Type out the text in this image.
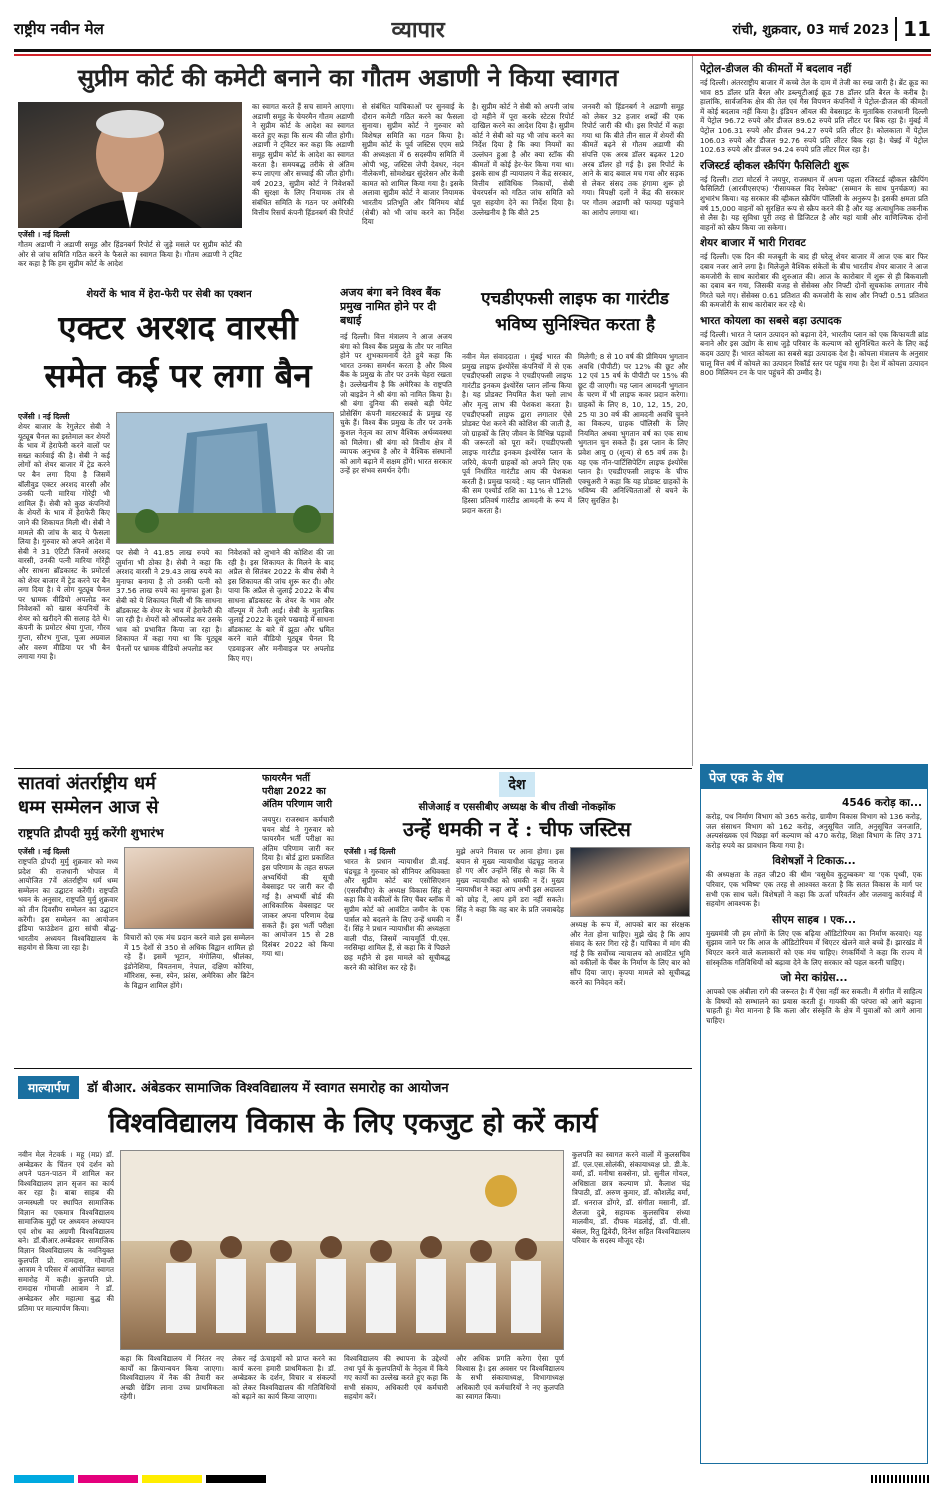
राष्ट्रीय नवीन मेल	व्यापार	रांची, शुक्रवार, 03 मार्च 2023 11
सुप्रीम कोर्ट की कमेटी बनाने का गौतम अडाणी ने किया स्वागत
एजेंसी । नई दिल्ली

गौतम अडाणी ने अडाणी समूह और हिंडनबर्ग रिपोर्ट से जुड़े मसले पर सुप्रीम कोर्ट की ओर से जांच समिति गठित करने के फैसले का स्वागत किया है। गौतम अडाणी ने ट्विट कर कहा है कि हम सुप्रीम कोर्ट के आदेश

का स्वागत करते हैं सच सामने आएगा। अडाणी समूह के चेयरमैन गौतम अडाणी ने सुप्रीम कोर्ट के आदेश का स्वागत करते हुए कहा कि सत्य की जीत होगी। अडाणी ने ट्विटर कर कहा कि अडाणी समूह सुप्रीम कोर्ट के आदेश का स्वागत करता है। समयबद्ध तरीके से अंतिम रूप लाएगा और सच्चाई की जीत होगी। वर्ष 2023, सुप्रीम कोर्ट ने निवेशकों की सुरक्षा के लिए नियामक तंत्र से संबंधित समिति के गठन पर अमेरिकी वित्तीय रिसर्च कंपनी हिंडनबर्ग की रिपोर्ट

से संबंधित याचिकाओं पर सुनवाई के दौरान कमेटी गठित करने का फैसला सुनाया। सुप्रीम कोर्ट ने गुरुवार को विशेषज्ञ समिति का गठन किया है। सुप्रीम कोर्ट के पूर्व जस्टिस एएम सप्रे की अध्यक्षता में 6 सदस्यीय समिति में ओपी भट्ट, जस्टिस जेपी देवधर, नंदन नीलेकणी, सोमशेखर सुंदरेसन और केवी कामत को शामिल किया गया है। इसके अलावा सुप्रीम कोर्ट ने बाजार नियामक भारतीय प्रतिभूति और विनिमय बोर्ड (सेबी) को भी जांच करने का निर्देश दिया

है। सुप्रीम कोर्ट ने सेबी को अपनी जांच दो महीने में पूरा करके स्टेटस रिपोर्ट दाखिल करने का आदेश दिया है। सुप्रीम कोर्ट ने सेबी को यह भी जांच करने का निर्देश दिया है कि क्या नियमों का उल्लंघन हुआ है और क्या स्टॉक की कीमतों में कोई हेर-फेर किया गया था। इसके साथ ही न्यायालय ने केंद्र सरकार, वित्तीय सांविधिक निकायों, सेबी चेयरपर्सन को गठित जांच समिति को पूरा सहयोग देने का निर्देश दिया है। उल्लेखनीय है कि बीते 25

जनवरी को हिंडनबर्ग ने अडाणी समूह को लेकर 32 हजार शब्दों की एक रिपोर्ट जारी की थी। इस रिपोर्ट में कहा गया था कि बीते तीन साल में शेयरों की कीमतें बढ़ने से गौतम अडाणी की संपत्ति एक अरब डॉलर बढ़कर 120 अरब डॉलर हो गई है। इस रिपोर्ट के आने के बाद बवाल मच गया और सड़क से लेकर संसद तक हंगामा शुरू हो गया। विपक्षी दलों ने केंद्र की सरकार पर गौतम अडाणी को फायदा पहुंचाने का आरोप लगाया था।

शेयरों के भाव में हेरा-फेरी पर सेबी का एक्शन
एक्टर अरशद वारसी
समेत कई पर लगा बैन
एजेंसी । नई दिल्ली

शेयर बाजार के रेगुलेटर सेबी ने यूट्यूब चैनल का इस्तेमाल कर शेयरों के भाव में हेराफेरी करने वालों पर सख्त कार्रवाई की है। सेबी ने कई लोगों को शेयर बाजार में ट्रेड करने पर बैन लगा दिया है जिसमें बॉलीवुड एक्टर अरशद वारसी और उनकी पत्नी मारिया गोरेट्टी भी शामिल हैं। सेबी को कुछ कंपनियों के शेयरों के भाव में हेराफेरी किए जाने की शिकायत मिली थी। सेबी ने मामले की जांच के बाद ये फैसला लिया है। गुरुवार को अपने आदेश में सेबी ने 31 एंटिटी जिनमें अरशद वारसी, उनकी पत्नी मारिया गोरेट्टी और साधना ब्रॉडकास्ट के प्रमोटर्स को शेयर बाजार में ट्रेड करने पर बैन लगा दिया है। ये लोग यूट्यूब चैनल पर भ्रामक वीडियो अपलोड कर निवेशकों को खास कंपनियों के शेयर को खरीदने की सलाह देते थे। कंपनी के प्रमोटर श्रेया गुप्ता, गौरव गुप्ता, सौरभ गुप्ता, पूजा अग्रवाल और वरुण मीडिया पर भी बैन लगाया गया है।

पर सेबी ने 41.85 लाख रुपये का जुर्माना भी ठोका है। सेबी ने कहा कि अरशद वारसी ने 29.43 लाख रुपये का मुनाफा बनाया है तो उनकी पत्नी को 37.56 लाख रुपये का मुनाफा हुआ है। सेबी को ये शिकायत मिली थी कि साधना ब्रॉडकास्ट के शेयर के भाव में हेराफेरी की जा रही है। शेयरों को ऑफलोड कर उसके भाव को प्रभावित किया जा रहा है। शिकायत में कहा गया था कि यूट्यूब चैनलों पर भ्रामक वीडियो अपलोड कर

निवेशकों को लुभाने की कोशिश की जा रही है। इस शिकायत के मिलने के बाद अप्रैल से सितंबर 2022 के बीच सेबी ने इस शिकायत की जांच शुरू कर दी। और पाया कि अप्रैल से जुलाई 2022 के बीच साधना ब्रॉडकास्ट के शेयर के भाव और वॉल्यूम में तेजी आई। सेबी के मुताबिक जुलाई 2022 के दूसरे पखवाड़े में साधना ब्रॉडकास्ट के बारे में झूठा और भ्रमित करने वाले वीडियो यूट्यूब चैनल दि एडवाइजर और मनीवाइज पर अपलोड किए गए।

अजय बंगा बने विश्व बैंक प्रमुख नामित होने पर दी बधाई

नई दिल्ली। वित्त मंत्रालय ने आज अजय बंगा को विश्व बैंक प्रमुख के तौर पर नामित होने पर शुभकामनायें देते हुये कहा कि भारत उनका समर्थन करता है और विश्व बैंक के प्रमुख के तौर पर उनके चेहरा रखता है। उल्लेखनीय है कि अमेरिका के राष्ट्रपति जो बाइडेन ने श्री बंगा को नामित किया है। श्री बंगा दुनिया की सबसे बड़ी पेमेंट प्रोसेसिंग कंपनी मास्टरकार्ड के प्रमुख रह चुके हैं। विश्व बैंक प्रमुख के तौर पर उनके कुशल नेतृत्व का लाभ वैश्विक अर्थव्यवस्था को मिलेगा। श्री बंगा को वित्तीय क्षेत्र में व्यापक अनुभव है और वे वैश्विक संस्थानों को आगे बढ़ाने में सक्षम होंगे। भारत सरकार उन्हें हर संभव समर्थन देगी।

एचडीएफसी लाइफ का गारंटीड
भविष्य सुनिश्चित करता है

नवीन मेल संवाददाता । मुंबई भारत की प्रमुख लाइफ इंश्योरेंस कंपनियों में से एक एचडीएफसी लाइफ ने एचडीएफसी लाइफ गारंटीड इनकम इंश्योरेंस प्लान लॉन्च किया है। यह प्रोडक्ट नियमित कैश फ्लो लाभ और मृत्यु लाभ की पेशकश करता है। एचडीएफसी लाइफ द्वारा लगातार ऐसे प्रोडक्ट पेश करने की कोशिश की जाती है, जो ग्राहकों के लिए जीवन के विभिन्न पड़ावों की जरूरतों को पूरा करें। एचडीएफसी लाइफ गारंटीड इनकम इंश्योरेंस प्लान के जरिये, कंपनी ग्राहकों को अपने लिए एक पूर्व निर्धारित गारंटीड आय की पेशकश करती है। प्रमुख फायदे : यह प्लान पॉलिसी की सम एश्योर्ड राशि का 11% से 12% हिस्सा प्रतिवर्ष गारंटीड आमदनी के रूप में प्रदान करता है।

मिलेगी; 8 से 10 वर्ष की प्रीमियम भुगतान अवधि (पीपीटी) पर 12% की छूट और 12 एवं 15 वर्ष के पीपीटी पर 15% की छूट दी जाएगी। यह प्लान आमदनी भुगतान के चरण में भी लाइफ कवर प्रदान करेगा। ग्राहकों के लिए 8, 10, 12, 15, 20, 25 या 30 वर्ष की आमदनी अवधि चुनने का विकल्प, ग्राहक पॉलिसी के लिए नियमित अथवा भुगतान वर्ष का एक साथ भुगतान चुन सकते हैं। इस प्लान के लिए प्रवेश आयु 0 (शून्य) से 65 वर्ष तक है। यह एक नॉन-पार्टिसिपेटिंग लाइफ इंश्योरेंस प्लान है। एचडीएफसी लाइफ के चीफ एक्चुअरी ने कहा कि यह प्रोडक्ट ग्राहकों के भविष्य की अनिश्चितताओं से बचने के लिए सुरक्षित है।

पेट्रोल-डीजल की कीमतों में बदलाव नहीं

नई दिल्ली। अंतरराष्ट्रीय बाजार में कच्चे तेल के दाम में तेजी का रुख जारी है। ब्रेंट क्रूड का भाव 85 डॉलर प्रति बैरल और डब्ल्यूटीआई क्रूड 78 डॉलर प्रति बैरल के करीब है। हालांकि, सार्वजनिक क्षेत्र की तेल एवं गैस विपणन कंपनियों ने पेट्रोल-डीजल की कीमतों में कोई बदलाव नहीं किया है। इंडियन ऑयल की वेबसाइट के मुताबिक राजधानी दिल्ली में पेट्रोल 96.72 रुपये और डीजल 89.62 रुपये प्रति लीटर पर बिक रहा है। मुंबई में पेट्रोल 106.31 रुपये और डीजल 94.27 रुपये प्रति लीटर है। कोलकाता में पेट्रोल 106.03 रुपये और डीजल 92.76 रुपये प्रति लीटर बिक रहा है। चेन्नई में पेट्रोल 102.63 रुपये और डीजल 94.24 रुपये प्रति लीटर मिल रहा है।

रजिस्टर्ड व्हीकल स्क्रैपिंग फैसिलिटी शुरू

नई दिल्ली। टाटा मोटर्स ने जयपुर, राजस्थान में अपना पहला रजिस्टर्ड व्हीकल स्क्रैपिंग फैसिलिटी (आरवीएसएफ) 'रीसायकल विद रेस्पेक्ट' (सम्मान के साथ पुनर्चक्रण) का शुभारंभ किया। यह सरकार की व्हीकल स्क्रैपिंग पॉलिसी के अनुरूप है। इसकी क्षमता प्रति वर्ष 15,000 वाहनों को सुरक्षित रूप से स्क्रैप करने की है और यह अत्याधुनिक तकनीक से लैस है। यह सुविधा पूरी तरह से डिजिटल है और यहां यात्री और वाणिज्यिक दोनों वाहनों को स्क्रैप किया जा सकेगा।

शेयर बाजार में भारी गिरावट

नई दिल्ली। एक दिन की मजबूती के बाद ही घरेलू शेयर बाजार में आज एक बार फिर दबाव नजर आने लगा है। मिलेजुले वैश्विक संकेतों के बीच भारतीय शेयर बाजार ने आज कमजोरी के साथ कारोबार की शुरुआत की। आज के कारोबार में शुरू से ही बिकवाली का दबाव बन गया, जिसकी वजह से सेंसेक्स और निफ्टी दोनों सूचकांक लगातार नीचे गिरते चले गए। सेंसेक्स 0.61 प्रतिशत की कमजोरी के साथ और निफ्टी 0.51 प्रतिशत की कमजोरी के साथ कारोबार कर रहे थे।

भारत कोयला का सबसे बड़ा उत्पादक

नई दिल्ली। भारत ने प्लान उत्पादन को बढ़ाना देने, भारतीय प्लान को एक किफायती ब्रांड बनाने और इस उद्योग के साथ जुड़े परिवार के कल्याण को सुनिश्चित करने के लिए कई कदम उठाए हैं। भारत कोयला का सबसे बड़ा उत्पादक देश है। कोयला मंत्रालय के अनुसार चालू वित्त वर्ष में कोयले का उत्पादन रिकॉर्ड स्तर पर पहुंच गया है। देश में कोयला उत्पादन 800 मिलियन टन के पार पहुंचने की उम्मीद है।

सातवां अंतर्राष्ट्रीय धर्म
धम्म सम्मेलन आज से
राष्ट्रपति द्रौपदी मुर्मु करेंगी शुभारंभ
एजेंसी । नई दिल्ली

राष्ट्रपति द्रौपदी मुर्मु शुक्रवार को मध्य प्रदेश की राजधानी भोपाल में आयोजित 7वें अंतर्राष्ट्रीय धर्म धम्म सम्मेलन का उद्घाटन करेंगी। राष्ट्रपति भवन के अनुसार, राष्ट्रपति मुर्मु शुक्रवार को तीन दिवसीय सम्मेलन का उद्घाटन करेंगी। इस सम्मेलन का आयोजन इंडिया फाउंडेशन द्वारा सांची बौद्ध-भारतीय अध्ययन विश्वविद्यालय के सहयोग से किया जा रहा है।

विचारों को एक मंच प्रदान करने वाले इस सम्मेलन में 15 देशों से 350 से अधिक विद्वान शामिल हो रहे हैं। इसमें भूटान, मंगोलिया, श्रीलंका, इंडोनेशिया, वियतनाम, नेपाल, दक्षिण कोरिया, मॉरिशस, रूस, स्पेन, फ्रांस, अमेरिका और ब्रिटेन के विद्वान शामिल होंगे।

फायरमैन भर्ती परीक्षा 2022 का अंतिम परिणाम जारी

जयपुर। राजस्थान कर्मचारी चयन बोर्ड ने गुरुवार को फायरमैन भर्ती परीक्षा का अंतिम परिणाम जारी कर दिया है। बोर्ड द्वारा प्रकाशित इस परिणाम के तहत सफल अभ्यर्थियों की सूची वेबसाइट पर जारी कर दी गई है। अभ्यर्थी बोर्ड की आधिकारिक वेबसाइट पर जाकर अपना परिणाम देख सकते हैं। इस भर्ती परीक्षा का आयोजन 15 से 28 दिसंबर 2022 को किया गया था।

देश
सीजेआई व एससीबीए अध्यक्ष के बीच तीखी नोकझोंक
उन्हें धमकी न दें : चीफ जस्टिस
एजेंसी । नई दिल्ली

भारत के प्रधान न्यायाधीश डी.वाई. चंद्रचूड़ ने गुरुवार को सीनियर अधिवक्ता और सुप्रीम कोर्ट बार एसोसिएशन (एससीबीए) के अध्यक्ष विकास सिंह से कहा कि वे वकीलों के लिए चैंबर ब्लॉक में सुप्रीम कोर्ट को आवंटित जमीन के एक पार्सल को बदलने के लिए उन्हें धमकी न दें। सिंह ने प्रधान न्यायाधीश की अध्यक्षता वाली पीठ, जिसमें न्यायमूर्ति पी.एस. नरसिम्हा शामिल हैं, से कहा कि वे पिछले छह महीने से इस मामले को सूचीबद्ध करने की कोशिश कर रहे हैं।

मुझे अपने निवास पर आना होगा। इस बयान से मुख्य न्यायाधीश चंद्रचूड़ नाराज हो गए और उन्होंने सिंह से कहा कि वे मुख्य न्यायाधीश को धमकी न दें। मुख्य न्यायाधीश ने कहा आप अभी इस अदालत को छोड़ दें, आप हमें डरा नहीं सकते। सिंह ने कहा कि वह बार के प्रति जवाबदेह हैं।

अध्यक्ष के रूप में, आपको बार का संरक्षक और नेता होना चाहिए। मुझे खेद है कि आप संवाद के स्तर गिरा रहे हैं। याचिका में मांग की गई है कि सर्वोच्च न्यायालय को आवंटित भूमि को वकीलों के चैंबर के निर्माण के लिए बार को सौंप दिया जाए। कृपया मामले को सूचीबद्ध करने का निवेदन करें।

पेज एक के शेष
4546 करोड़ का...

करोड़, पथ निर्माण विभाग को 365 करोड़, ग्रामीण विकास विभाग को 136 करोड़, जल संसाधन विभाग को 162 करोड़, अनुसूचित जाति, अनुसूचित जनजाति, अल्पसंख्यक एवं पिछड़ा वर्ग कल्याण को 470 करोड़, शिक्षा विभाग के लिए 371 करोड़ रुपये का प्रावधान किया गया है।

विशेषज्ञों ने टिकाऊ...

की अध्यक्षता के तहत जी20 की थीम 'वसुधैव कुटुम्बकम' या 'एक पृथ्वी, एक परिवार, एक भविष्य' एक तरह से आश्वस्त करता है कि सतत विकास के मार्ग पर सभी एक साथ चलें। विशेषज्ञों ने कहा कि ऊर्जा परिवर्तन और जलवायु कार्रवाई में सहयोग आवश्यक है।

सीएम साहब । एक...

मुख्यमंत्री जी हम लोगों के लिए एक बढ़िया ऑडिटोरियम का निर्माण करवाएं। यह सुझाव जाने पर कि आज के ऑडिटोरियम में थिएटर खेलने वाले बच्चे हैं। झारखंड में थिएटर करने वाले कलाकारों को एक मंच चाहिए। रंगकर्मियों ने कहा कि राज्य में सांस्कृतिक गतिविधियों को बढ़ावा देने के लिए सरकार को पहल करनी चाहिए।

जो मेरा कांग्रेस...

आपको एक अंबीला रागे की जरूरत है। मैं ऐसा नहीं कर सकती। मैं संगीत में साहित्य के विषयों को सम्भालने का प्रयास करती हूं। गायकी की परंपरा को आगे बढ़ाना चाहती हूं। मेरा मानना है कि कला और संस्कृति के क्षेत्र में युवाओं को आगे आना चाहिए।

माल्यार्पण	डॉ बीआर. अंबेडकर सामाजिक विश्वविद्यालय में स्वागत समारोह का आयोजन
विश्वविद्यालय विकास के लिए एकजुट हो करें कार्य

नवीन मेल नेटवर्क । महू (मप्र) डॉ. अम्बेडकर के चिंतन एवं दर्शन को अपने पठन-पाठन में शामिल कर विश्वविद्यालय ज्ञान सृजन का कार्य कर रहा है। बाबा साहब की जन्मस्थली पर स्थापित सामाजिक विज्ञान का एकमात्र विश्वविद्यालय सामाजिक मुद्दों पर अध्ययन अध्यापन एवं शोध का अग्रणी विश्वविद्यालय बने। डॉ.बीआर.अम्बेडकर सामाजिक विज्ञान विश्वविद्यालय के नवनियुक्त कुलपति प्रो. रामदास, गोमाजी आत्राम ने परिसर में आयोजित स्वागत समारोह में कही। कुलपति प्रो. रामदास गोमाजी आत्राम ने डॉ. अम्बेडकर और महात्मा बुद्ध की प्रतिमा पर माल्यार्पण किया।

कहा कि विश्वविद्यालय में निरंतर नए कार्यों का क्रियान्वयन किया जाएगा। विश्वविद्यालय में नैक की तैयारी कर अच्छी ग्रेडिंग लाना उच्च प्राथमिकता रहेगी।

लेकर नई ऊंचाइयों को प्राप्त करने का कार्य करना हमारी प्राथमिकता है। डॉ. अम्बेडकर के दर्शन, विचार व संकल्पों को लेकर विश्वविद्यालय की गतिविधियों को बढ़ाने का कार्य किया जाएगा।

विश्वविद्यालय की स्थापना के उद्देश्यों तथा पूर्व के कुलपतियों के नेतृत्व में किये गए कार्यों का उल्लेख करते हुए कहा कि सभी संकाय, अधिकारी एवं कर्मचारी सहयोग करें।

और अधिक प्रगति करेगा ऐसा पूर्ण विश्वास है। इस अवसर पर विश्वविद्यालय के सभी संकायाध्यक्ष, विभागाध्यक्ष अधिकारी एवं कर्मचारियों ने नए कुलपति का स्वागत किया।

कुलपति का स्वागत करने वालों में कुलसचिव डॉ. एल.एस.सोलंकी, संकायाध्यक्ष प्रो. डी.के. वर्मा, डॉ. मनीषा सक्सेना, प्रो. सुनील गोयल, अधिष्ठाता छात्र कल्याण प्रो. कैलाश चंद्र त्रिपाठी, डॉ. अरुण कुमार, डॉ. कौशलेंद्र वर्मा, डॉ. धनराज डोंगरे, डॉ. संगीता मसानी, डॉ. शैलजा दुबे, सहायक कुलसचिव संध्या मालवीय, डॉ. दीपक मंडलोई, डॉ. पी.सी. बंसल, रितु द्विवेदी, दिनेश सहित विश्वविद्यालय परिवार के सदस्य मौजूद रहे।
